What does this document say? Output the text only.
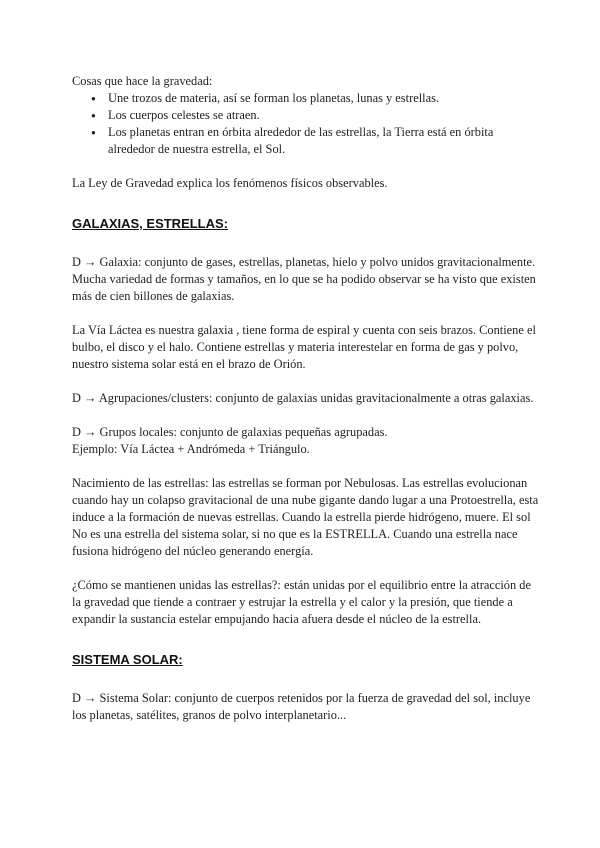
Cosas que hace la gravedad:

● Une trozos de materia, así se forman los planetas, lunas y estrellas.
● Los cuerpos celestes se atraen.
● Los planetas entran en órbita alrededor de las estrellas, la Tierra está en órbita alrededor de nuestra estrella, el Sol.

La Ley de Gravedad explica los fenómenos físicos observables.

GALAXIAS, ESTRELLAS:

D → Galaxia: conjunto de gases, estrellas, planetas, hielo y polvo unidos gravitacionalmente. Mucha variedad de formas y tamaños, en lo que se ha podido observar se ha visto que existen más de cien billones de galaxias.

La Vía Láctea es nuestra galaxia , tiene forma de espiral y cuenta con seis brazos. Contiene el bulbo, el disco y el halo. Contiene estrellas y materia interestelar en forma de gas y polvo, nuestro sistema solar está en el brazo de Orión.

D → Agrupaciones/clusters: conjunto de galaxias unidas gravitacionalmente a otras galaxias.

D → Grupos locales: conjunto de galaxias pequeñas agrupadas.

Ejemplo: Vía Láctea + Andrómeda + Triángulo.

Nacimiento de las estrellas: las estrellas se forman por Nebulosas. Las estrellas evolucionan cuando hay un colapso gravitacional de una nube gigante dando lugar a una Protoestrella, esta induce a la formación de nuevas estrellas. Cuando la estrella pierde hidrógeno, muere. El sol No es una estrella del sistema solar, si no que es la ESTRELLA. Cuando una estrella nace fusiona hidrógeno del núcleo generando energía.

¿Cómo se mantienen unidas las estrellas?: están unidas por el equilibrio entre la atracción de la gravedad que tiende a contraer y estrujar la estrella y el calor y la presión, que tiende a expandir la sustancia estelar empujando hacia afuera desde el núcleo de la estrella.

SISTEMA SOLAR:

D → Sistema Solar: conjunto de cuerpos retenidos por la fuerza de gravedad del sol, incluye los planetas, satélites, granos de polvo interplanetario...
